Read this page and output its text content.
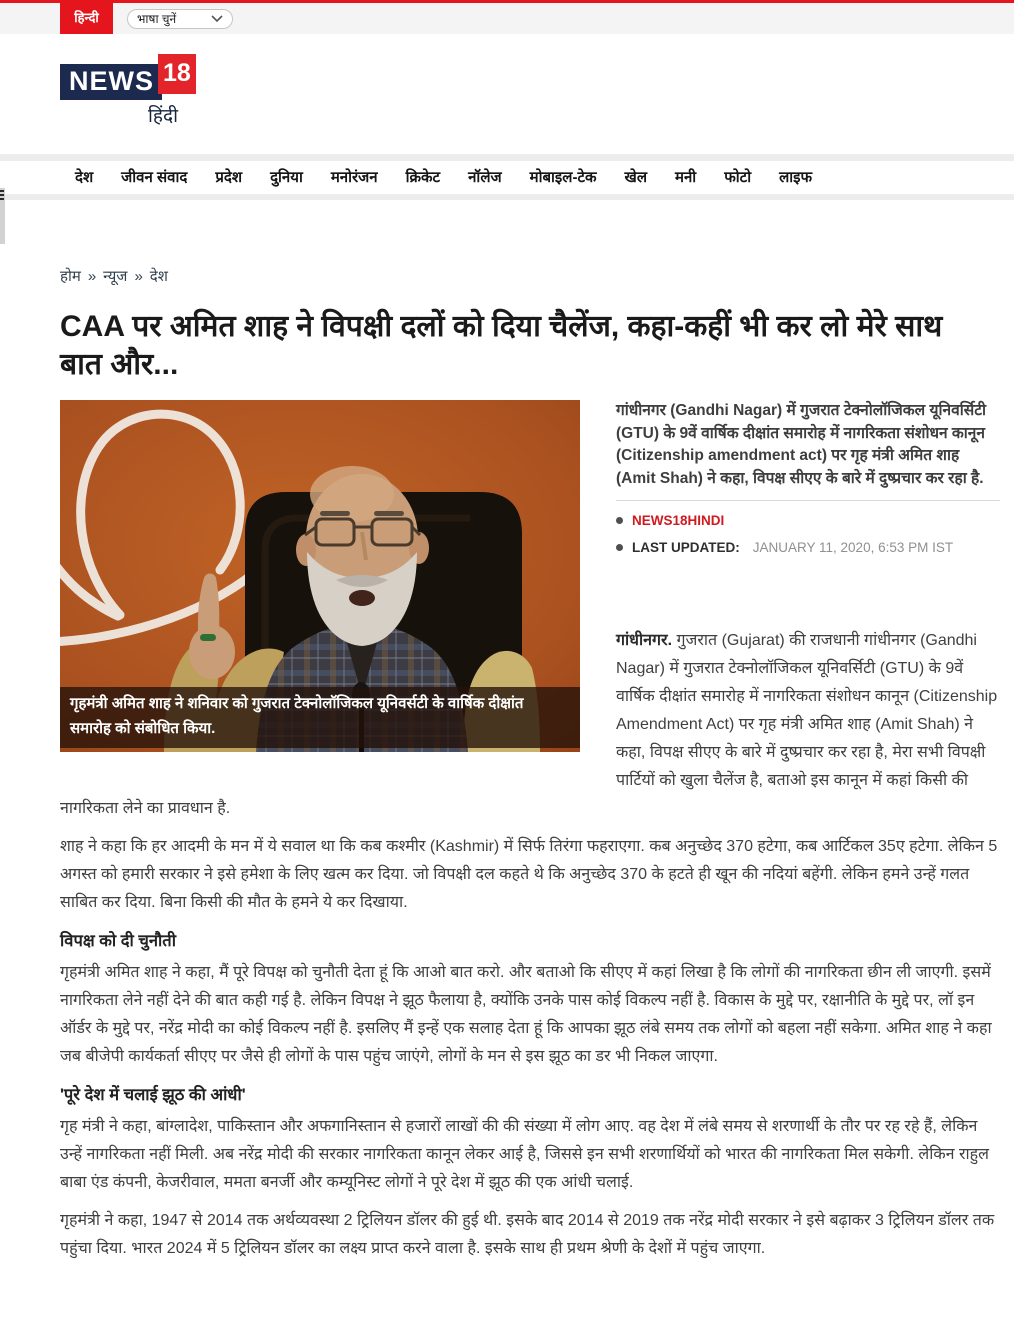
हिन्दी	भाषा चुनें
NEWS 18
हिंदी
देश	जीवन संवाद	प्रदेश	दुनिया	मनोरंजन	क्रिकेट	नॉलेज	मोबाइल-टेक	खेल	मनी	फोटो	लाइफ
होम » न्यूज » देश
CAA पर अमित शाह ने विपक्षी दलों को दिया चैलेंज, कहा-कहीं भी कर लो मेरे साथ बात और...
गृहमंत्री अमित शाह ने शनिवार को गुजरात टेक्नोलॉजिकल यूनिवर्सटी के वार्षिक दीक्षांत समारोह को संबोधित किया.
गांधीनगर (Gandhi Nagar) में गुजरात टेक्नोलॉजिकल यूनिवर्सिटी (GTU) के 9वें वार्षिक दीक्षांत समारोह में नागरिकता संशोधन कानून (Citizenship amendment act) पर गृह मंत्री अमित शाह (Amit Shah) ने कहा, विपक्ष सीएए के बारे में दुष्प्रचार कर रहा है.
NEWS18HINDI
LAST UPDATED: JANUARY 11, 2020, 6:53 PM IST

गांधीनगर. गुजरात (Gujarat) की राजधानी गांधीनगर (Gandhi Nagar) में गुजरात टेक्नोलॉजिकल यूनिवर्सिटी (GTU) के 9वें वार्षिक दीक्षांत समारोह में नागरिकता संशोधन कानून (Citizenship Amendment Act) पर गृह मंत्री अमित शाह (Amit Shah) ने कहा, विपक्ष सीएए के बारे में दुष्प्रचार कर रहा है, मेरा सभी विपक्षी पार्टियों को खुला चैलेंज है, बताओ इस कानून में कहां किसी की नागरिकता लेने का प्रावधान है.

शाह ने कहा कि हर आदमी के मन में ये सवाल था कि कब कश्मीर (Kashmir) में सिर्फ तिरंगा फहराएगा. कब अनुच्छेद 370 हटेगा, कब आर्टिकल 35ए हटेगा. लेकिन 5 अगस्त को हमारी सरकार ने इसे हमेशा के लिए खत्म कर दिया. जो विपक्षी दल कहते थे कि अनुच्छेद 370 के हटते ही खून की नदियां बहेंगी. लेकिन हमने उन्हें गलत साबित कर दिया. बिना किसी की मौत के हमने ये कर दिखाया.

विपक्ष को दी चुनौती

गृहमंत्री अमित शाह ने कहा, मैं पूरे विपक्ष को चुनौती देता हूं कि आओ बात करो. और बताओ कि सीएए में कहां लिखा है कि लोगों की नागरिकता छीन ली जाएगी. इसमें नागरिकता लेने नहीं देने की बात कही गई है. लेकिन विपक्ष ने झूठ फैलाया है, क्योंकि उनके पास कोई विकल्प नहीं है. विकास के मुद्दे पर, रक्षानीति के मुद्दे पर, लॉ इन ऑर्डर के मुद्दे पर, नरेंद्र मोदी का कोई विकल्प नहीं है. इसलिए मैं इन्हें एक सलाह देता हूं कि आपका झूठ लंबे समय तक लोगों को बहला नहीं सकेगा. अमित शाह ने कहा जब बीजेपी कार्यकर्ता सीएए पर जैसे ही लोगों के पास पहुंच जाएंगे, लोगों के मन से इस झूठ का डर भी निकल जाएगा.

'पूरे देश में चलाई झूठ की आंधी'

गृह मंत्री ने कहा, बांग्लादेश, पाकिस्तान और अफगानिस्तान से हजारों लाखों की की संख्या में लोग आए. वह देश में लंबे समय से शरणार्थी के तौर पर रह रहे हैं, लेकिन उन्हें नागरिकता नहीं मिली. अब नरेंद्र मोदी की सरकार नागरिकता कानून लेकर आई है, जिससे इन सभी शरणार्थियों को भारत की नागरिकता मिल सकेगी. लेकिन राहुल बाबा एंड कंपनी, केजरीवाल, ममता बनर्जी और कम्यूनिस्ट लोगों ने पूरे देश में झूठ की एक आंधी चलाई.

गृहमंत्री ने कहा, 1947 से 2014 तक अर्थव्यवस्था 2 ट्रिलियन डॉलर की हुई थी. इसके बाद 2014 से 2019 तक नरेंद्र मोदी सरकार ने इसे बढ़ाकर 3 ट्रिलियन डॉलर तक पहुंचा दिया. भारत 2024 में 5 ट्रिलियन डॉलर का लक्ष्य प्राप्त करने वाला है. इसके साथ ही प्रथम श्रेणी के देशों में पहुंच जाएगा.
